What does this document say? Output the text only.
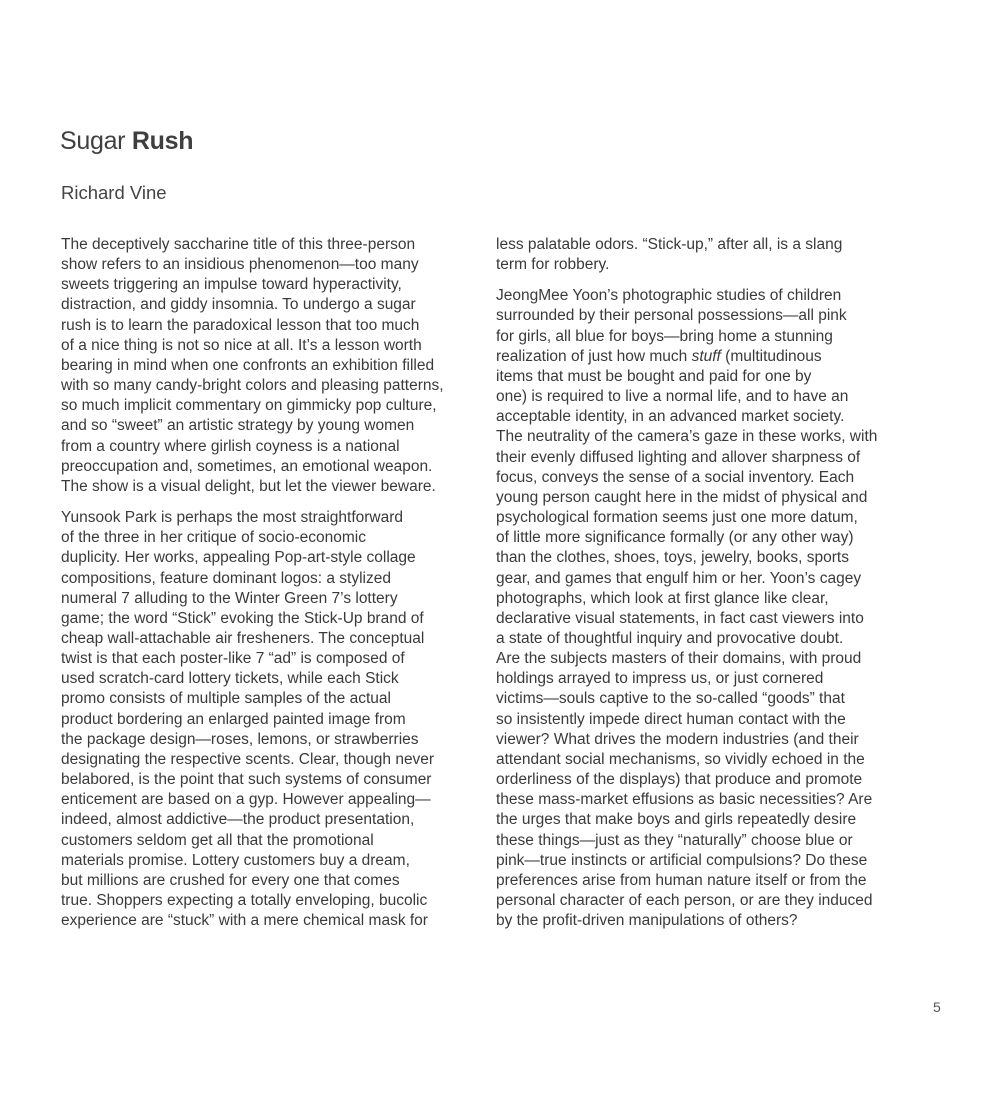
Sugar Rush
Richard Vine
The deceptively saccharine title of this three-person
show refers to an insidious phenomenon—too many
sweets triggering an impulse toward hyperactivity,
distraction, and giddy insomnia. To undergo a sugar
rush is to learn the paradoxical lesson that too much
of a nice thing is not so nice at all. It’s a lesson worth
bearing in mind when one confronts an exhibition filled
with so many candy-bright colors and pleasing patterns,
so much implicit commentary on gimmicky pop culture,
and so “sweet” an artistic strategy by young women
from a country where girlish coyness is a national
preoccupation and, sometimes, an emotional weapon.
The show is a visual delight, but let the viewer beware.
Yunsook Park is perhaps the most straightforward
of the three in her critique of socio-economic
duplicity. Her works, appealing Pop-art-style collage
compositions, feature dominant logos: a stylized
numeral 7 alluding to the Winter Green 7’s lottery
game; the word “Stick” evoking the Stick-Up brand of
cheap wall-attachable air fresheners. The conceptual
twist is that each poster-like 7 “ad” is composed of
used scratch-card lottery tickets, while each Stick
promo consists of multiple samples of the actual
product bordering an enlarged painted image from
the package design—roses, lemons, or strawberries
designating the respective scents. Clear, though never
belabored, is the point that such systems of consumer
enticement are based on a gyp. However appealing—
indeed, almost addictive—the product presentation,
customers seldom get all that the promotional
materials promise. Lottery customers buy a dream,
but millions are crushed for every one that comes
true. Shoppers expecting a totally enveloping, bucolic
experience are “stuck” with a mere chemical mask for
less palatable odors. “Stick-up,” after all, is a slang
term for robbery.
JeongMee Yoon’s photographic studies of children
surrounded by their personal possessions—all pink
for girls, all blue for boys—bring home a stunning
realization of just how much stuff (multitudinous
items that must be bought and paid for one by
one) is required to live a normal life, and to have an
acceptable identity, in an advanced market society.
The neutrality of the camera’s gaze in these works, with
their evenly diffused lighting and allover sharpness of
focus, conveys the sense of a social inventory. Each
young person caught here in the midst of physical and
psychological formation seems just one more datum,
of little more significance formally (or any other way)
than the clothes, shoes, toys, jewelry, books, sports
gear, and games that engulf him or her. Yoon’s cagey
photographs, which look at first glance like clear,
declarative visual statements, in fact cast viewers into
a state of thoughtful inquiry and provocative doubt.
Are the subjects masters of their domains, with proud
holdings arrayed to impress us, or just cornered
victims—souls captive to the so-called “goods” that
so insistently impede direct human contact with the
viewer? What drives the modern industries (and their
attendant social mechanisms, so vividly echoed in the
orderliness of the displays) that produce and promote
these mass-market effusions as basic necessities? Are
the urges that make boys and girls repeatedly desire
these things—just as they “naturally” choose blue or
pink—true instincts or artificial compulsions? Do these
preferences arise from human nature itself or from the
personal character of each person, or are they induced
by the profit-driven manipulations of others?
5
